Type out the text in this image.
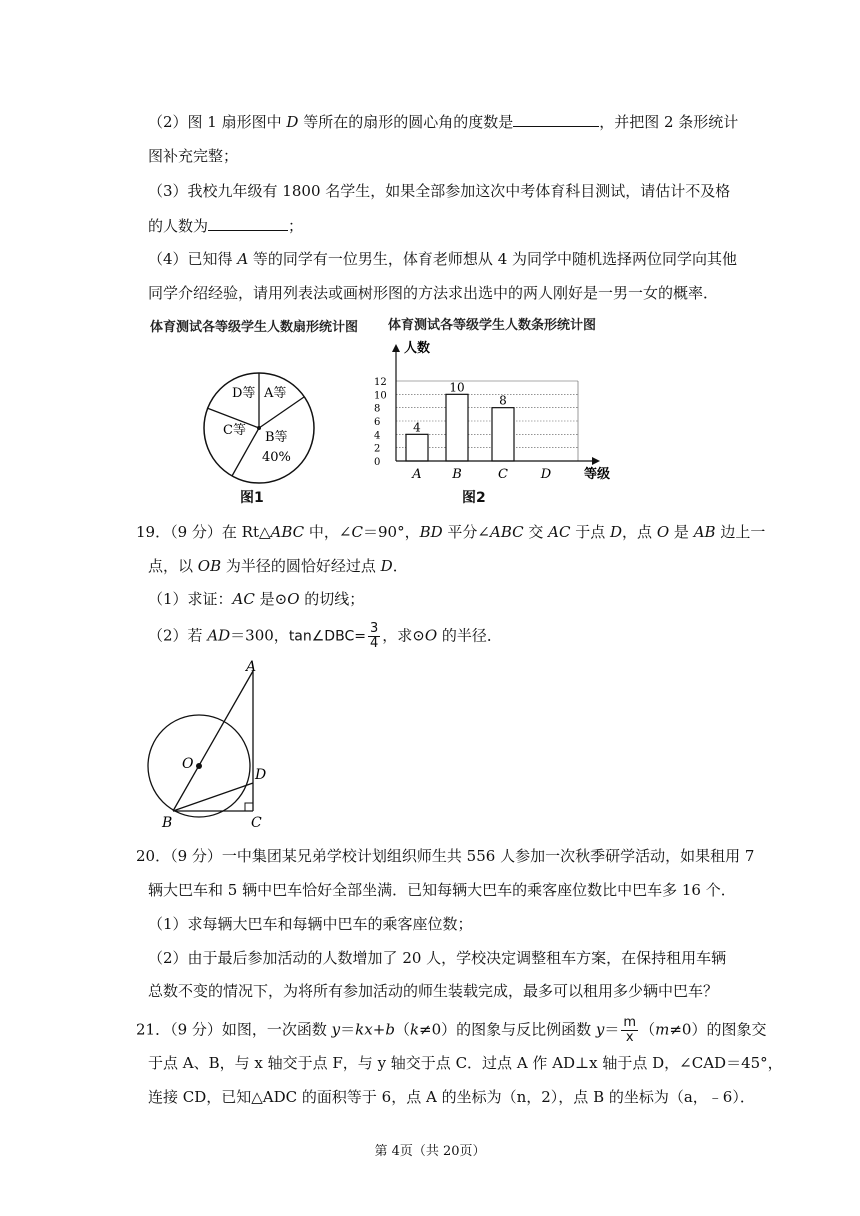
（2）图 1 扇形图中 D 等所在的扇形的圆心角的度数是	，并把图 2 条形统计
图补充完整；
（3）我校九年级有 1800 名学生，如果全部参加这次中考体育科目测试，请估计不及格
的人数为	；
（4）已知得 A 等的同学有一位男生，体育老师想从 4 为同学中随机选择两位同学向其他
同学介绍经验，请用列表法或画树形图的方法求出选中的两人刚好是一男一女的概率．
体育测试各等级学生人数扇形统计图 体育测试各等级学生人数条形统计图
D等 A等
B等
40%
C等
图1
4
10
8
0
2
4
6
8
10
12
人数
等级
A B	C	D
图2
19．（9 分）在 Rt△ABC 中，∠C＝90°，BD 平分∠ABC 交 AC 于点 D，点 O 是 AB 边上一
点，以 OB 为半径的圆恰好经过点 D．
（1）求证：AC 是⊙O 的切线；
（2）若 AD＝300，tan∠DBC= $\frac{3}{4}$ ，求⊙O 的半径．
A
O
D
B	C
20．（9 分）一中集团某兄弟学校计划组织师生共 556 人参加一次秋季研学活动，如果租用 7
辆大巴车和 5 辆中巴车恰好全部坐满．已知每辆大巴车的乘客座位数比中巴车多 16 个．
（1）求每辆大巴车和每辆中巴车的乘客座位数；
（2）由于最后参加活动的人数增加了 20 人，学校决定调整租车方案，在保持租用车辆
总数不变的情况下，为将所有参加活动的师生装载完成，最多可以租用多少辆中巴车？
21．（9 分）如图，一次函数 y＝kx+b（k≠0）的图象与反比例函数 $y= \frac{m}{x} (m\ne 0)$的图象交
于点 A、B，与 x 轴交于点 F，与 y 轴交于点 C．过点 A 作 AD⊥x 轴于点 D，∠CAD＝45°，
连接 CD，已知△ADC 的面积等于 6，点 A 的坐标为（n，2），点 B 的坐标为（a，﹣6）．
第 4页（共 20页）
